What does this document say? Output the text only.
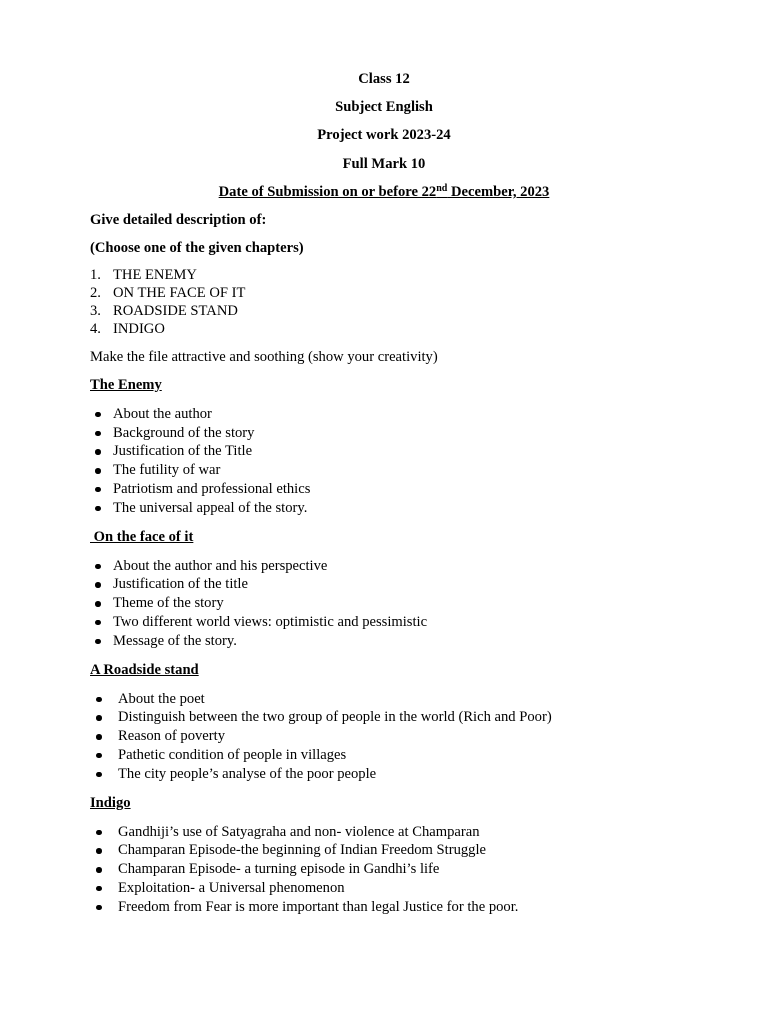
Class 12

Subject English

Project work 2023-24

Full Mark 10

Date of Submission on or before 22nd December, 2023

Give detailed description of:

(Choose one of the given chapters)

1. THE ENEMY
2. ON THE FACE OF IT
3. ROADSIDE STAND
4. INDIGO

Make the file attractive and soothing (show your creativity)

The Enemy

About the author
Background of the story
Justification of the Title
The futility of war
Patriotism and professional ethics
The universal appeal of the story.

On the face of it

About the author and his perspective
Justification of the title
Theme of the story
Two different world views: optimistic and pessimistic
Message of the story.

A Roadside stand

About the poet
Distinguish between the two group of people in the world (Rich and Poor)
Reason of poverty
Pathetic condition of people in villages
The city people’s analyse of the poor people

Indigo

Gandhiji’s use of Satyagraha and non- violence at Champaran
Champaran Episode-the beginning of Indian Freedom Struggle
Champaran Episode- a turning episode in Gandhi’s life
Exploitation- a Universal phenomenon
Freedom from Fear is more important than legal Justice for the poor.
